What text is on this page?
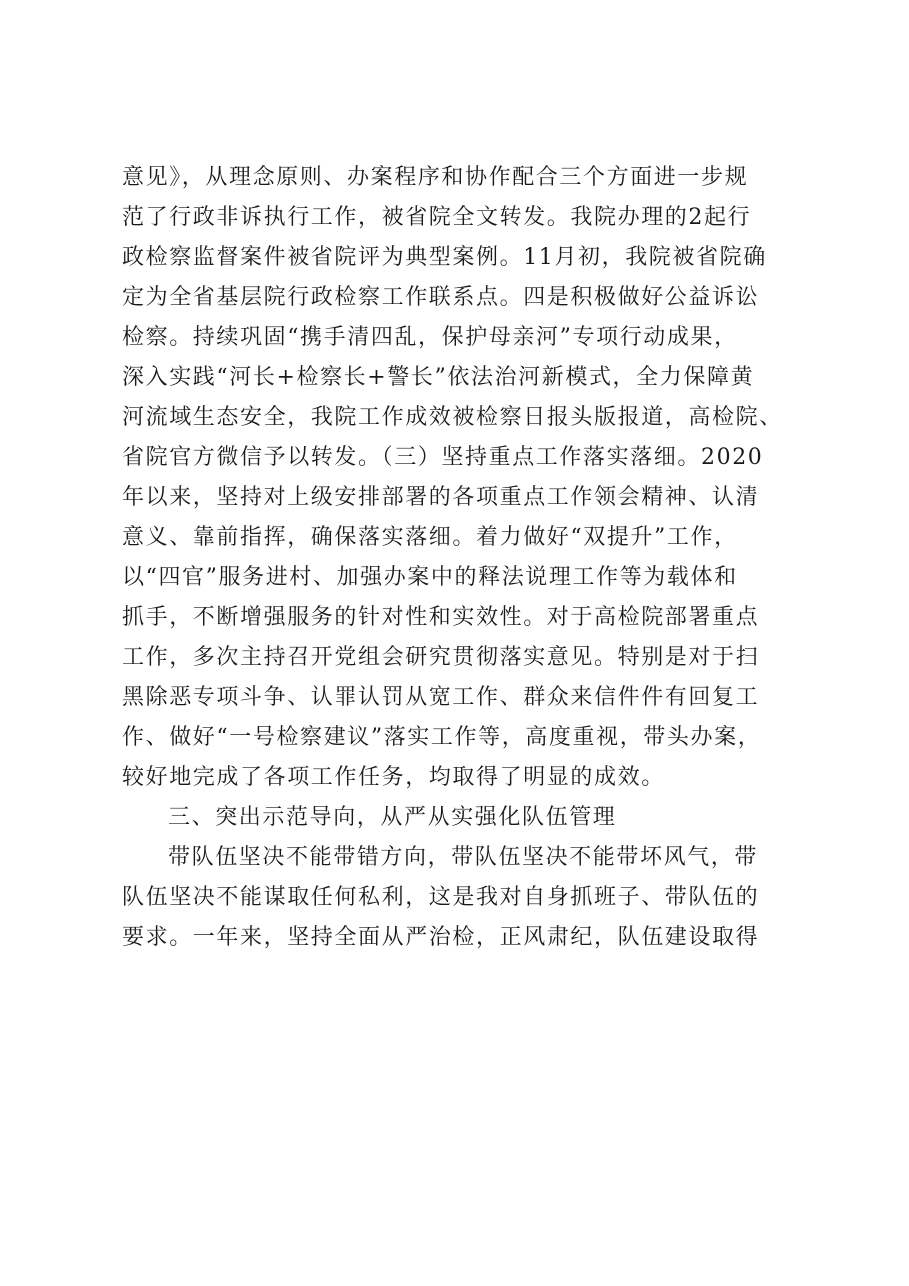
意见》，从理念原则、办案程序和协作配合三个方面进一步规
范了行政非诉执行工作，被省院全文转发。我院办理的2起行
政检察监督案件被省院评为典型案例。11月初，我院被省院确
定为全省基层院行政检察工作联系点。四是积极做好公益诉讼
检察。持续巩固“携手清四乱，保护母亲河”专项行动成果，
深入实践“河长+检察长+警长”依法治河新模式，全力保障黄
河流域生态安全，我院工作成效被检察日报头版报道，高检院、
省院官方微信予以转发。（三）坚持重点工作落实落细。2020
年以来，坚持对上级安排部署的各项重点工作领会精神、认清
意义、靠前指挥，确保落实落细。着力做好“双提升”工作，
以“四官”服务进村、加强办案中的释法说理工作等为载体和
抓手，不断增强服务的针对性和实效性。对于高检院部署重点
工作，多次主持召开党组会研究贯彻落实意见。特别是对于扫
黑除恶专项斗争、认罪认罚从宽工作、群众来信件件有回复工
作、做好“一号检察建议”落实工作等，高度重视，带头办案，
较好地完成了各项工作任务，均取得了明显的成效。
三、突出示范导向，从严从实强化队伍管理
带队伍坚决不能带错方向，带队伍坚决不能带坏风气，带
队伍坚决不能谋取任何私利，这是我对自身抓班子、带队伍的
要求。一年来，坚持全面从严治检，正风肃纪，队伍建设取得
